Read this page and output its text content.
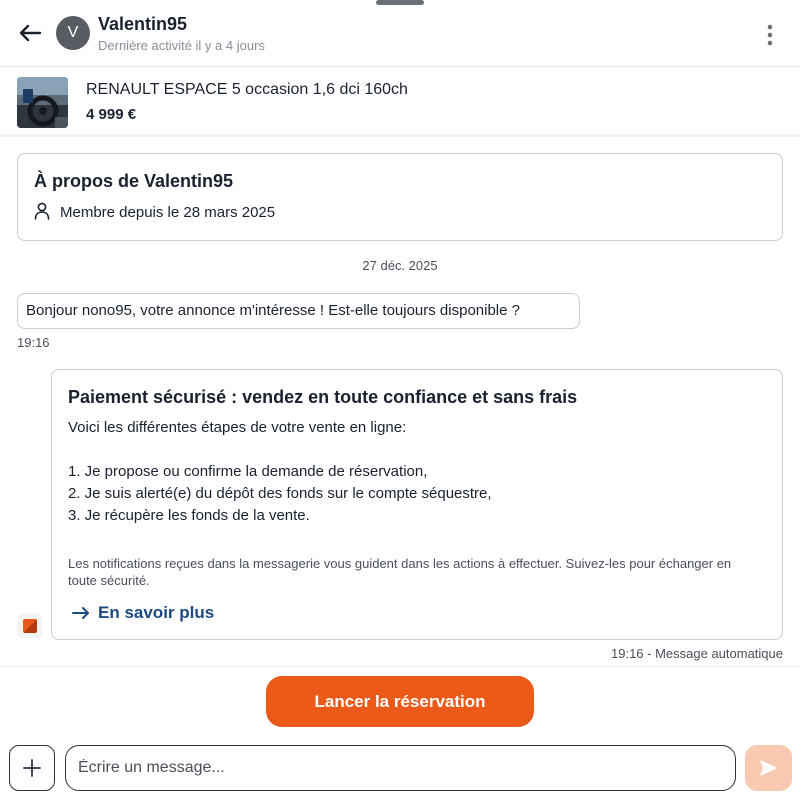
V	Valentin95
Dernière activité il y a 4 jours
RENAULT ESPACE 5 occasion 1,6 dci 160ch
4 999 €
À propos de Valentin95
Membre depuis le 28 mars 2025
27 déc. 2025
Bonjour nono95, votre annonce m'intéresse ! Est-elle toujours disponible ?
19:16
Paiement sécurisé : vendez en toute confiance et sans frais
Voici les différentes étapes de votre vente en ligne:
1. Je propose ou confirme la demande de réservation,
2. Je suis alerté(e) du dépôt des fonds sur le compte séquestre,
3. Je récupère les fonds de la vente.
Les notifications reçues dans la messagerie vous guident dans les actions à effectuer. Suivez-les pour échanger en toute sécurité.
En savoir plus
19:16 - Message automatique
Lancer la réservation
Écrire un message...
